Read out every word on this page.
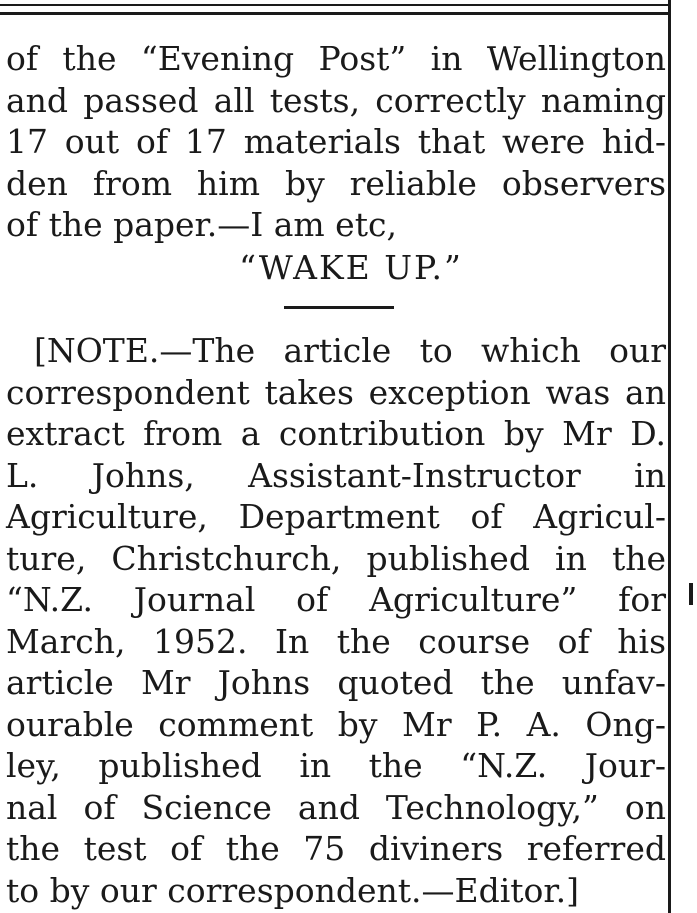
of the “Evening Post” in Wellington
and passed all tests, correctly naming
17 out of 17 materials that were hid-
den from him by reliable observers
of the paper.—I am etc,
“WAKE UP.”
[NOTE.—The article to which our
correspondent takes exception was an
extract from a contribution by Mr D.
L. Johns, Assistant-Instructor in
Agriculture, Department of Agricul-
ture, Christchurch, published in the
“N.Z. Journal of Agriculture” for
March, 1952. In the course of his
article Mr Johns quoted the unfav-
ourable comment by Mr P. A. Ong-
ley, published in the “N.Z. Jour-
nal of Science and Technology,” on
the test of the 75 diviners referred
to by our correspondent.—Editor.]
